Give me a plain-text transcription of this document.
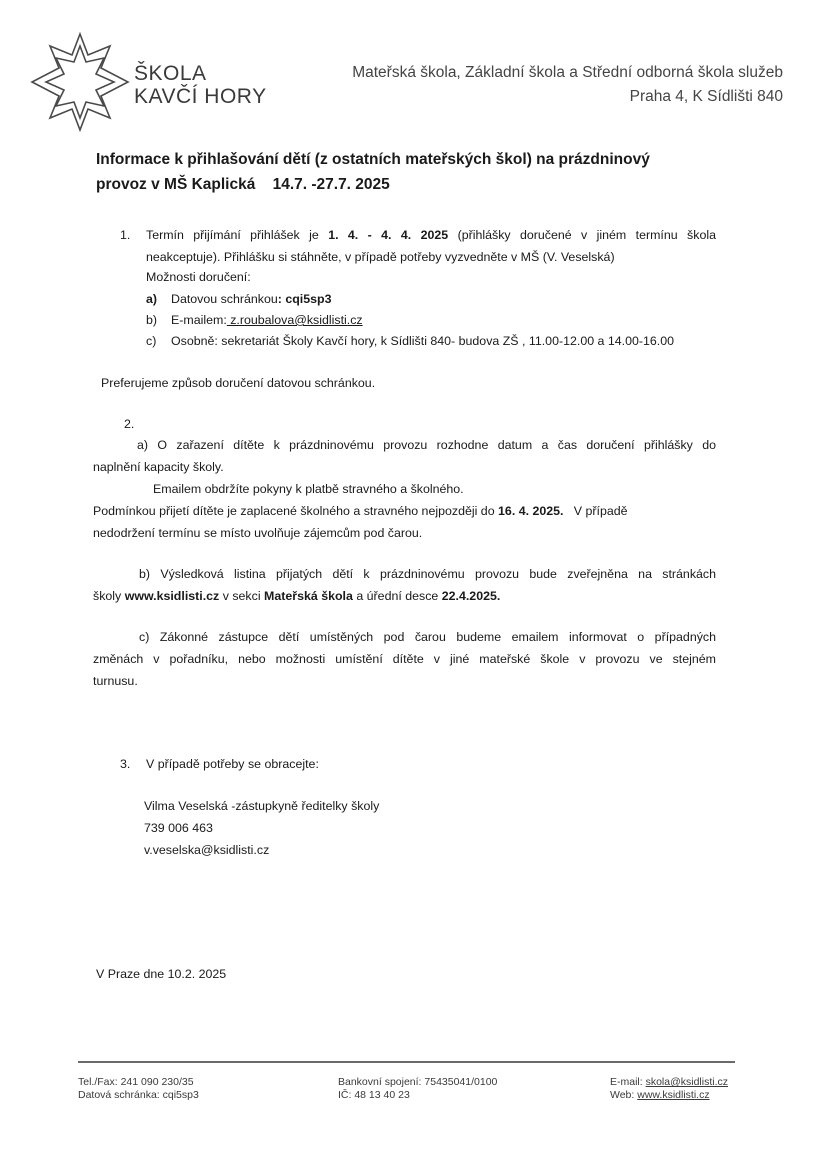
ŠKOLA
KAVČÍ HORY
Mateřská škola, Základní škola a Střední odborná škola služeb
Praha 4, K Sídlišti 840
Informace k přihlašování dětí (z ostatních mateřských škol) na prázdninový
provoz v MŠ Kaplická    14.7. -27.7. 2025
1. Termín přijímání přihlášek je 1. 4. - 4. 4. 2025 (přihlášky doručené v jiném termínu škola
neakceptuje). Přihlášku si stáhněte, v případě potřeby vyzvedněte v MŠ (V. Veselská)
Možnosti doručení:
a) Datovou schránkou: cqi5sp3
b) E-mailem: z.roubalova@ksidlisti.cz
c) Osobně: sekretariát Školy Kavčí hory, k Sídlišti 840- budova ZŠ , 11.00-12.00 a 14.00-16.00
Preferujeme způsob doručení datovou schránkou.
2.
a) O zařazení dítěte k prázdninovému provozu rozhodne datum a čas doručení přihlášky do
naplnění kapacity školy.
Emailem obdržíte pokyny k platbě stravného a školného.
Podmínkou přijetí dítěte je zaplacené školného a stravného nejpozději do 16. 4. 2025.   V případě
nedodržení termínu se místo uvolňuje zájemcům pod čarou.
b) Výsledková listina přijatých dětí k prázdninovému provozu bude zveřejněna na stránkách
školy www.ksidlisti.cz v sekci Mateřská škola a úřední desce 22.4.2025.
c) Zákonné zástupce dětí umístěných pod čarou budeme emailem informovat o případných
změnách v pořadníku, nebo možnosti umístění dítěte v jiné mateřské škole v provozu ve stejném
turnusu.
3. V případě potřeby se obracejte:
Vilma Veselská -zástupkyně ředitelky školy
739 006 463
v.veselska@ksidlisti.cz
V Praze dne 10.2. 2025
Tel./Fax: 241 090 230/35
Datová schránka: cqi5sp3
Bankovní spojení: 75435041/0100
IČ: 48 13 40 23
E-mail: skola@ksidlisti.cz
Web: www.ksidlisti.cz
